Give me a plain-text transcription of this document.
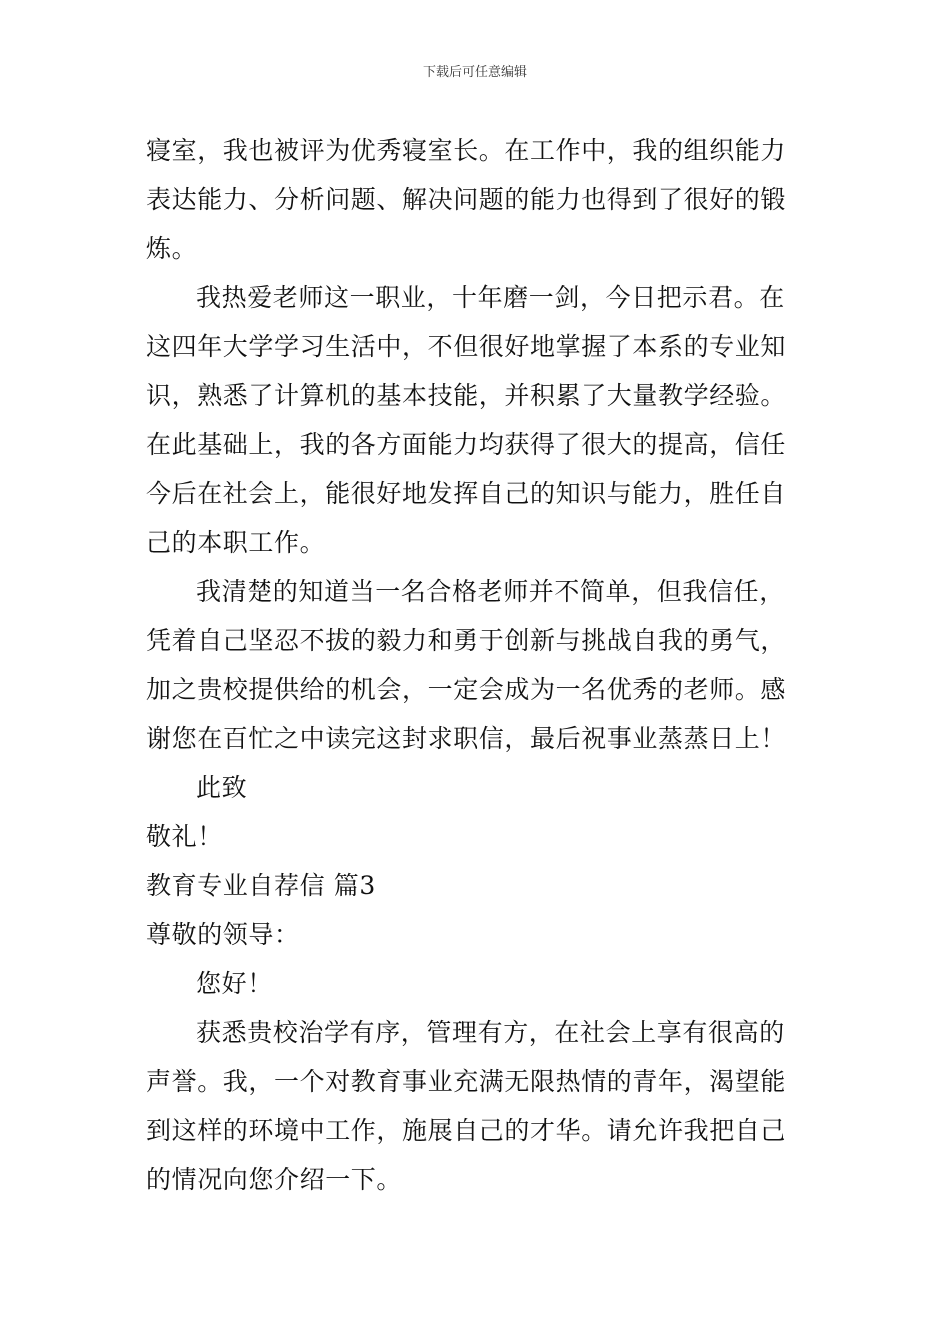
下载后可任意编辑
寝室，我也被评为优秀寝室长。在工作中，我的组织能力
表达能力、分析问题、解决问题的能力也得到了很好的锻
炼。
我热爱老师这一职业，十年磨一剑，今日把示君。在
这四年大学学习生活中，不但很好地掌握了本系的专业知
识，熟悉了计算机的基本技能，并积累了大量教学经验。
在此基础上，我的各方面能力均获得了很大的提高，信任
今后在社会上，能很好地发挥自己的知识与能力，胜任自
己的本职工作。
我清楚的知道当一名合格老师并不简单，但我信任，
凭着自己坚忍不拔的毅力和勇于创新与挑战自我的勇气，
加之贵校提供给的机会，一定会成为一名优秀的老师。感
谢您在百忙之中读完这封求职信，最后祝事业蒸蒸日上！
此致
敬礼！
教育专业自荐信 篇3
尊敬的领导：
您好！
获悉贵校治学有序，管理有方，在社会上享有很高的
声誉。我，一个对教育事业充满无限热情的青年，渴望能
到这样的环境中工作，施展自己的才华。请允许我把自己
的情况向您介绍一下。
